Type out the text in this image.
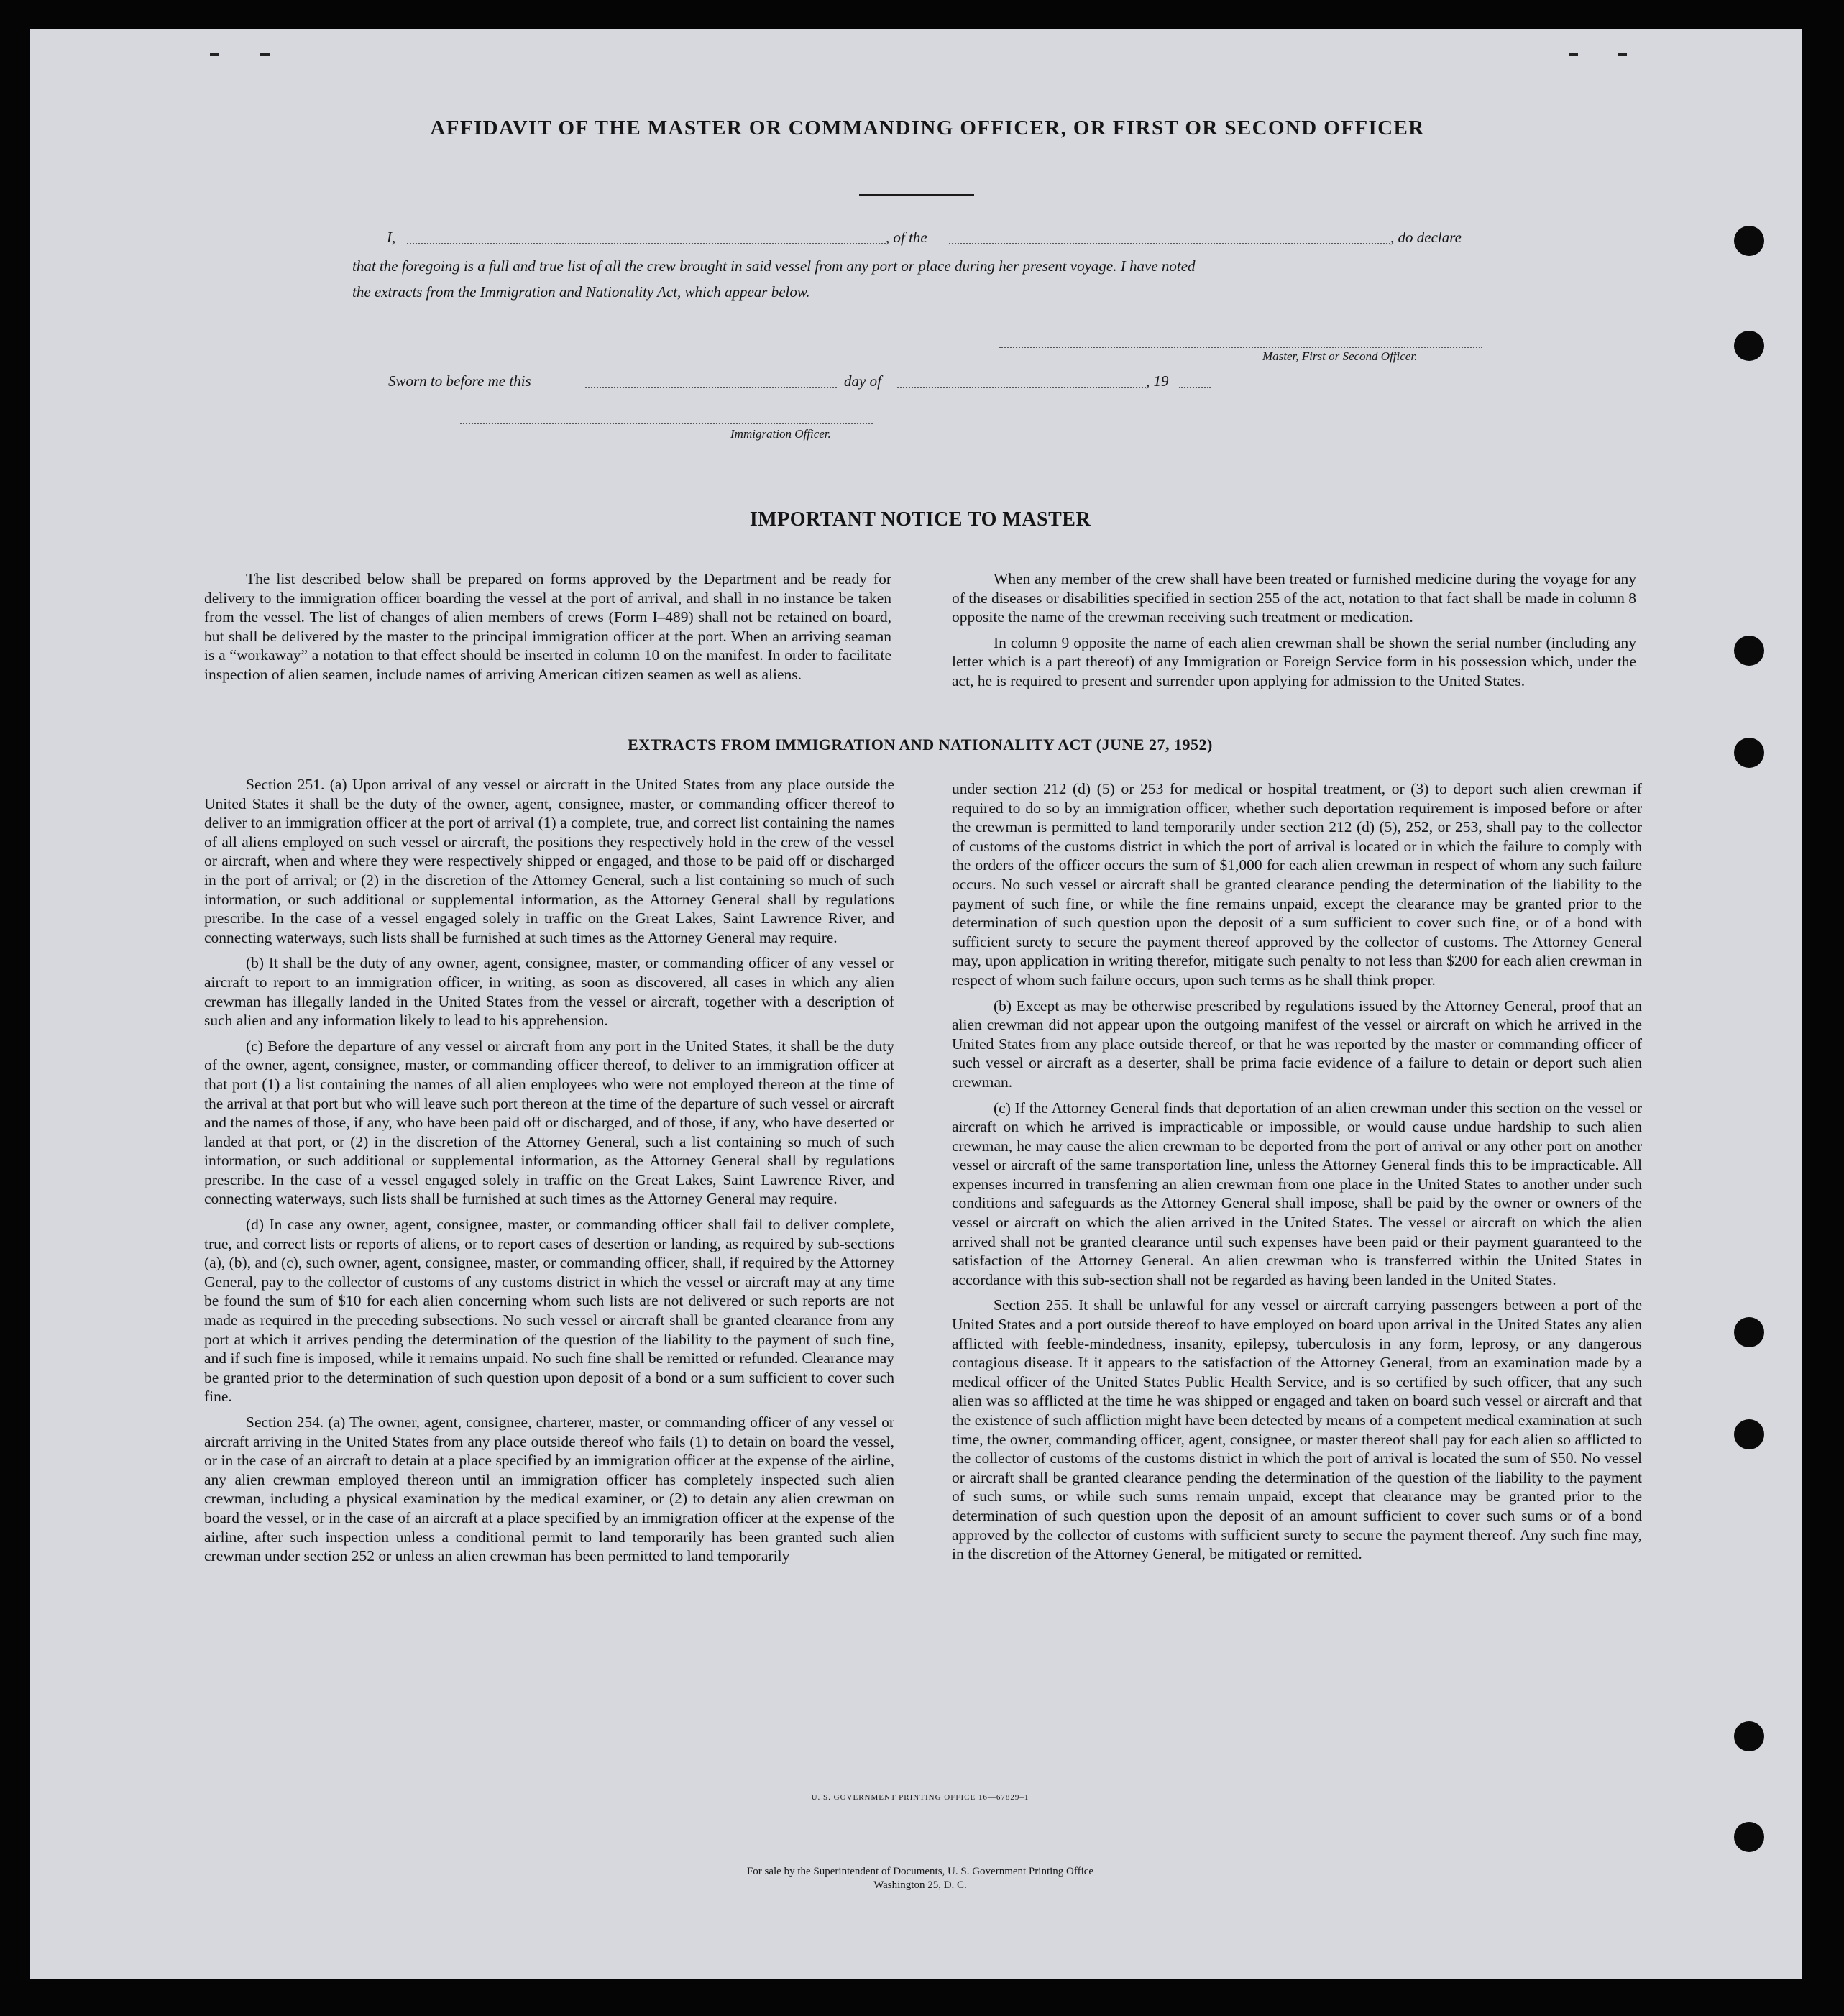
AFFIDAVIT OF THE MASTER OR COMMANDING OFFICER, OR FIRST OR SECOND OFFICER
I,	, of the	, do declare
that the foregoing is a full and true list of all the crew brought in said vessel from any port or place during her present voyage. I have noted
the extracts from the Immigration and Nationality Act, which appear below.
Master, First or Second Officer.
Sworn to before me this	day of	, 19
Immigration Officer.
IMPORTANT NOTICE TO MASTER

The list described below shall be prepared on forms approved by the Department and be ready for delivery to the immigration officer boarding the vessel at the port of arrival, and shall in no instance be taken from the vessel. The list of changes of alien members of crews (Form I–489) shall not be retained on board, but shall be delivered by the master to the principal immigration officer at the port. When an arriving seaman is a “workaway” a notation to that effect should be inserted in column 10 on the manifest. In order to facilitate inspection of alien seamen, include names of arriving American citizen seamen as well as aliens.

When any member of the crew shall have been treated or furnished medicine during the voyage for any of the diseases or disabilities specified in section 255 of the act, notation to that fact shall be made in column 8 opposite the name of the crewman receiving such treatment or medication.

In column 9 opposite the name of each alien crewman shall be shown the serial number (including any letter which is a part thereof) of any Immigration or Foreign Service form in his possession which, under the act, he is required to present and surrender upon applying for admission to the United States.

EXTRACTS FROM IMMIGRATION AND NATIONALITY ACT (JUNE 27, 1952)

Section 251. (a) Upon arrival of any vessel or aircraft in the United States from any place outside the United States it shall be the duty of the owner, agent, consignee, master, or commanding officer thereof to deliver to an immigration officer at the port of arrival (1) a complete, true, and correct list containing the names of all aliens employed on such vessel or aircraft, the positions they respectively hold in the crew of the vessel or aircraft, when and where they were respectively shipped or engaged, and those to be paid off or discharged in the port of arrival; or (2) in the discretion of the Attorney General, such a list containing so much of such information, or such additional or supplemental information, as the Attorney General shall by regulations prescribe. In the case of a vessel engaged solely in traffic on the Great Lakes, Saint Lawrence River, and connecting waterways, such lists shall be furnished at such times as the Attorney General may require.

(b) It shall be the duty of any owner, agent, consignee, master, or commanding officer of any vessel or aircraft to report to an immigration officer, in writing, as soon as discovered, all cases in which any alien crewman has illegally landed in the United States from the vessel or aircraft, together with a description of such alien and any information likely to lead to his apprehension.

(c) Before the departure of any vessel or aircraft from any port in the United States, it shall be the duty of the owner, agent, consignee, master, or commanding officer thereof, to deliver to an immigration officer at that port (1) a list containing the names of all alien employees who were not employed thereon at the time of the arrival at that port but who will leave such port thereon at the time of the departure of such vessel or aircraft and the names of those, if any, who have been paid off or discharged, and of those, if any, who have deserted or landed at that port, or (2) in the discretion of the Attorney General, such a list containing so much of such information, or such additional or supplemental information, as the Attorney General shall by regulations prescribe. In the case of a vessel engaged solely in traffic on the Great Lakes, Saint Lawrence River, and connecting waterways, such lists shall be furnished at such times as the Attorney General may require.

(d) In case any owner, agent, consignee, master, or commanding officer shall fail to deliver complete, true, and correct lists or reports of aliens, or to report cases of desertion or landing, as required by sub-sections (a), (b), and (c), such owner, agent, consignee, master, or commanding officer, shall, if required by the Attorney General, pay to the collector of customs of any customs district in which the vessel or aircraft may at any time be found the sum of $10 for each alien concerning whom such lists are not delivered or such reports are not made as required in the preceding subsections. No such vessel or aircraft shall be granted clearance from any port at which it arrives pending the determination of the question of the liability to the payment of such fine, and if such fine is imposed, while it remains unpaid. No such fine shall be remitted or refunded. Clearance may be granted prior to the determination of such question upon deposit of a bond or a sum sufficient to cover such fine.

Section 254. (a) The owner, agent, consignee, charterer, master, or commanding officer of any vessel or aircraft arriving in the United States from any place outside thereof who fails (1) to detain on board the vessel, or in the case of an aircraft to detain at a place specified by an immigration officer at the expense of the airline, any alien crewman employed thereon until an immigration officer has completely inspected such alien crewman, including a physical examination by the medical examiner, or (2) to detain any alien crewman on board the vessel, or in the case of an aircraft at a place specified by an immigration officer at the expense of the airline, after such inspection unless a conditional permit to land temporarily has been granted such alien crewman under section 252 or unless an alien crewman has been permitted to land temporarily

under section 212 (d) (5) or 253 for medical or hospital treatment, or (3) to deport such alien crewman if required to do so by an immigration officer, whether such deportation requirement is imposed before or after the crewman is permitted to land temporarily under section 212 (d) (5), 252, or 253, shall pay to the collector of customs of the customs district in which the port of arrival is located or in which the failure to comply with the orders of the officer occurs the sum of $1,000 for each alien crewman in respect of whom any such failure occurs. No such vessel or aircraft shall be granted clearance pending the determination of the liability to the payment of such fine, or while the fine remains unpaid, except the clearance may be granted prior to the determination of such question upon the deposit of a sum sufficient to cover such fine, or of a bond with sufficient surety to secure the payment thereof approved by the collector of customs. The Attorney General may, upon application in writing therefor, mitigate such penalty to not less than $200 for each alien crewman in respect of whom such failure occurs, upon such terms as he shall think proper.

(b) Except as may be otherwise prescribed by regulations issued by the Attorney General, proof that an alien crewman did not appear upon the outgoing manifest of the vessel or aircraft on which he arrived in the United States from any place outside thereof, or that he was reported by the master or commanding officer of such vessel or aircraft as a deserter, shall be prima facie evidence of a failure to detain or deport such alien crewman.

(c) If the Attorney General finds that deportation of an alien crewman under this section on the vessel or aircraft on which he arrived is impracticable or impossible, or would cause undue hardship to such alien crewman, he may cause the alien crewman to be deported from the port of arrival or any other port on another vessel or aircraft of the same transportation line, unless the Attorney General finds this to be impracticable. All expenses incurred in transferring an alien crewman from one place in the United States to another under such conditions and safeguards as the Attorney General shall impose, shall be paid by the owner or owners of the vessel or aircraft on which the alien arrived in the United States. The vessel or aircraft on which the alien arrived shall not be granted clearance until such expenses have been paid or their payment guaranteed to the satisfaction of the Attorney General. An alien crewman who is transferred within the United States in accordance with this sub-section shall not be regarded as having been landed in the United States.

Section 255. It shall be unlawful for any vessel or aircraft carrying passengers between a port of the United States and a port outside thereof to have employed on board upon arrival in the United States any alien afflicted with feeble-mindedness, insanity, epilepsy, tuberculosis in any form, leprosy, or any dangerous contagious disease. If it appears to the satisfaction of the Attorney General, from an examination made by a medical officer of the United States Public Health Service, and is so certified by such officer, that any such alien was so afflicted at the time he was shipped or engaged and taken on board such vessel or aircraft and that the existence of such affliction might have been detected by means of a competent medical examination at such time, the owner, commanding officer, agent, consignee, or master thereof shall pay for each alien so afflicted to the collector of customs of the customs district in which the port of arrival is located the sum of $50. No vessel or aircraft shall be granted clearance pending the determination of the question of the liability to the payment of such sums, or while such sums remain unpaid, except that clearance may be granted prior to the determination of such question upon the deposit of an amount sufficient to cover such sums or of a bond approved by the collector of customs with sufficient surety to secure the payment thereof. Any such fine may, in the discretion of the Attorney General, be mitigated or remitted.

U. S. GOVERNMENT PRINTING OFFICE 16—67829–1
For sale by the Superintendent of Documents, U. S. Government Printing Office
Washington 25, D. C.
